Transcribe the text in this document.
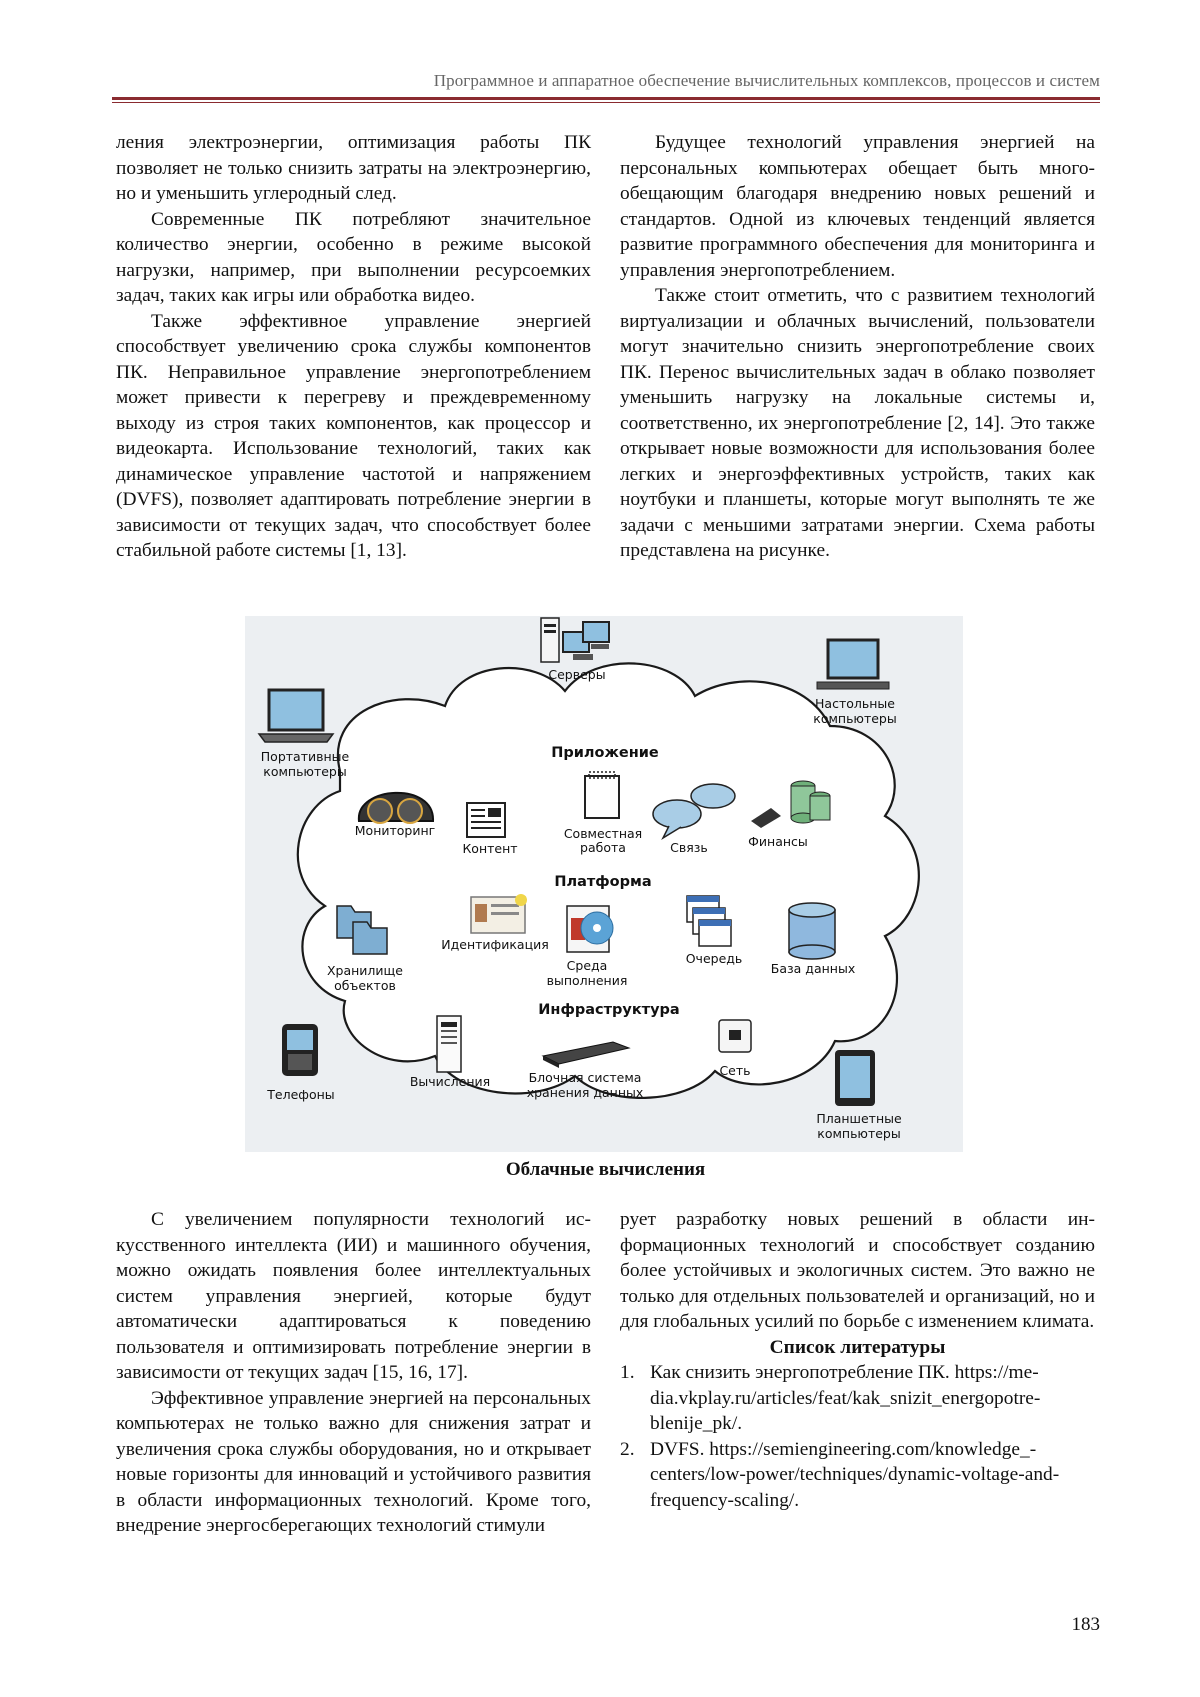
Программное и аппаратное обеспечение вычислительных комплексов, процессов и систем

ления электроэнергии, оптимизация работы ПК позволяет не только снизить затраты на электроэнергию, но и уменьшить углеродный след.

Современные ПК потребляют значительное количество энергии, особенно в режиме высокой нагрузки, например, при выполнении ресурсоемких задач, таких как игры или обработка видео.

Также эффективное управление энергией способствует увеличению срока службы компонентов ПК. Неправильное управление энергопотреблением может привести к перегреву и преждевременному выходу из строя таких компонентов, как процессор и видеокарта. Использование технологий, таких как динамическое управление частотой и напряжением (DVFS), позволяет адаптировать потребление энергии в зависимости от текущих задач, что способствует более стабильной работе системы [1, 13].

Будущее технологий управления энергией на персональных компьютерах обещает быть многообещающим благодаря внедрению новых решений и стандартов. Одной из ключевых тенденций является развитие программного обеспечения для мониторинга и управления энергопотреблением.

Также стоит отметить, что с развитием технологий виртуализации и облачных вычислений, пользователи могут значительно снизить энергопотребление своих ПК. Перенос вычислительных задач в облако позволяет уменьшить нагрузку на локальные системы и, соответственно, их энергопотребление [2, 14]. Это также открывает новые возможности для использования более легких и энергоэффективных устройств, таких как ноутбуки и планшеты, которые могут выполнять те же задачи с меньшими затратами энергии. Схема работы представлена на рисунке.

Серверы
Настольные
компьютеры
Портативные
компьютеры
Приложение
Мониторинг
Контент
Совместная
работа	Связь	Финансы
Платформа
Хранилище
объектов
Идентификация
Среда
выполнения
Очередь
База данных
Инфраструктура
Телефоны
Вычисления	Блочная система
хранения данных
Сеть
Планшетные
компьютеры
Облачные вычисления

С увеличением популярности технологий искусственного интеллекта (ИИ) и машинного обучения, можно ожидать появления более интеллектуальных систем управления энергией, которые будут автоматически адаптироваться к поведению пользователя и оптимизировать потребление энергии в зависимости от текущих задач [15, 16, 17].

Эффективное управление энергией на персональных компьютерах не только важно для снижения затрат и увеличения срока службы оборудования, но и открывает новые горизонты для инноваций и устойчивого развития в области информационных технологий. Кроме того, внедрение энергосберегающих технологий стимули

рует разработку новых решений в области информационных технологий и способствует созданию более устойчивых и экологичных систем. Это важно не только для отдельных пользователей и организаций, но и для глобальных усилий по борьбе с изменением климата.

Список литературы

1. Как снизить энергопотребление ПК. https://media.vkplay.ru/articles/feat/kak_snizit_energopotreblenije_pk/.
2. DVFS. https://semiengineering.com/knowledge_centers/low-power/techniques/dynamic-voltage-and-frequency-scaling/.
183
